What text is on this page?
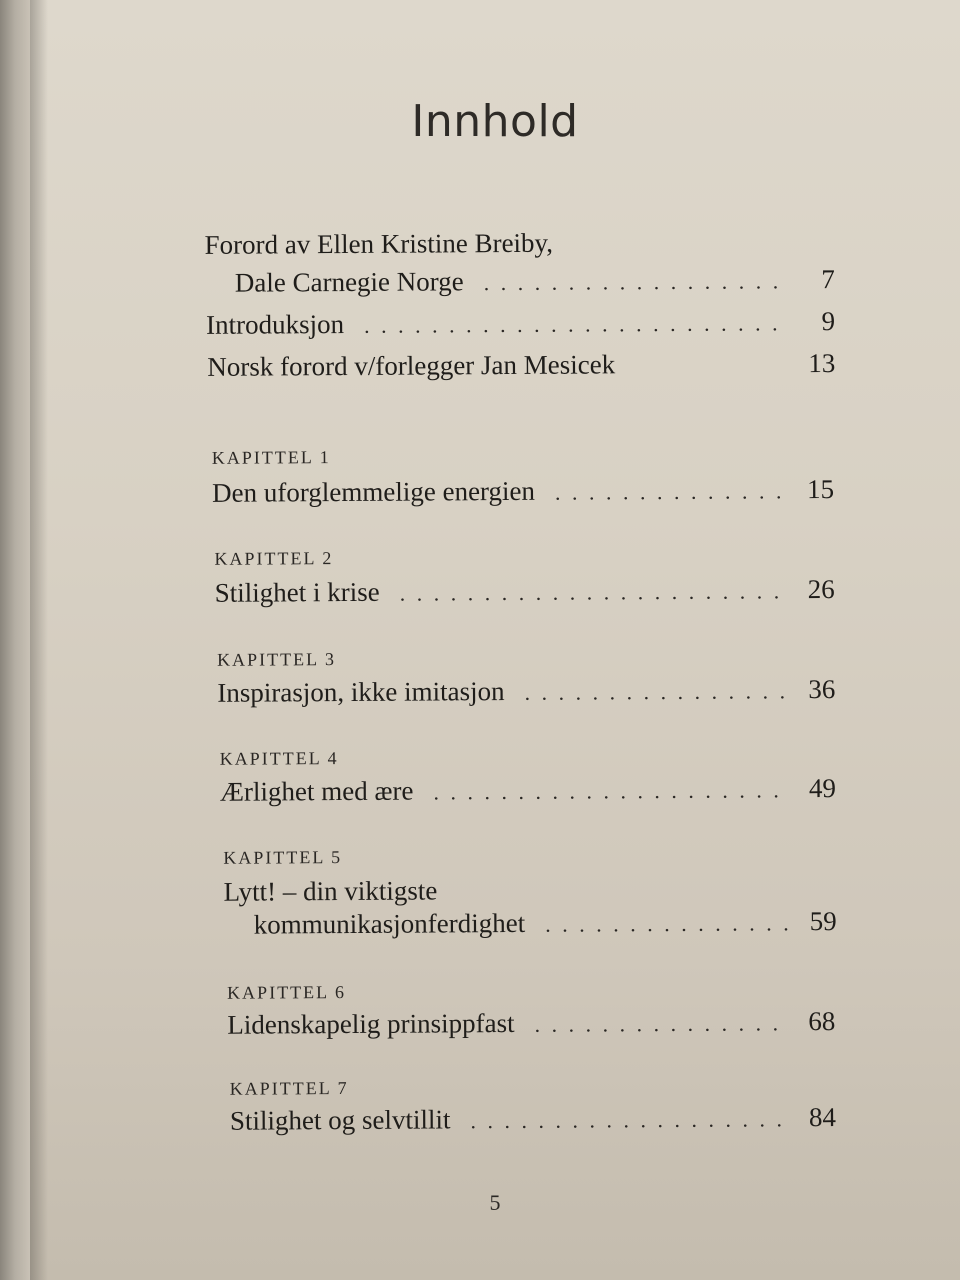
Innhold
Forord av Ellen Kristine Breiby,
Dale Carnegie Norge . . .	7
Introduksjon . . .	9
Norsk forord v/forlegger Jan Mesicek	13
KAPITTEL 1
Den uforglemmelige energien . . .	15
KAPITTEL 2
Stilighet i krise . . .	26
KAPITTEL 3
Inspirasjon, ikke imitasjon . . .	36
KAPITTEL 4
Ærlighet med ære . . .	49
KAPITTEL 5
Lytt! – din viktigste
kommunikasjonferdighet . . .	59
KAPITTEL 6
Lidenskapelig prinsippfast . . .	68
KAPITTEL 7
Stilighet og selvtillit . . .	84
5
